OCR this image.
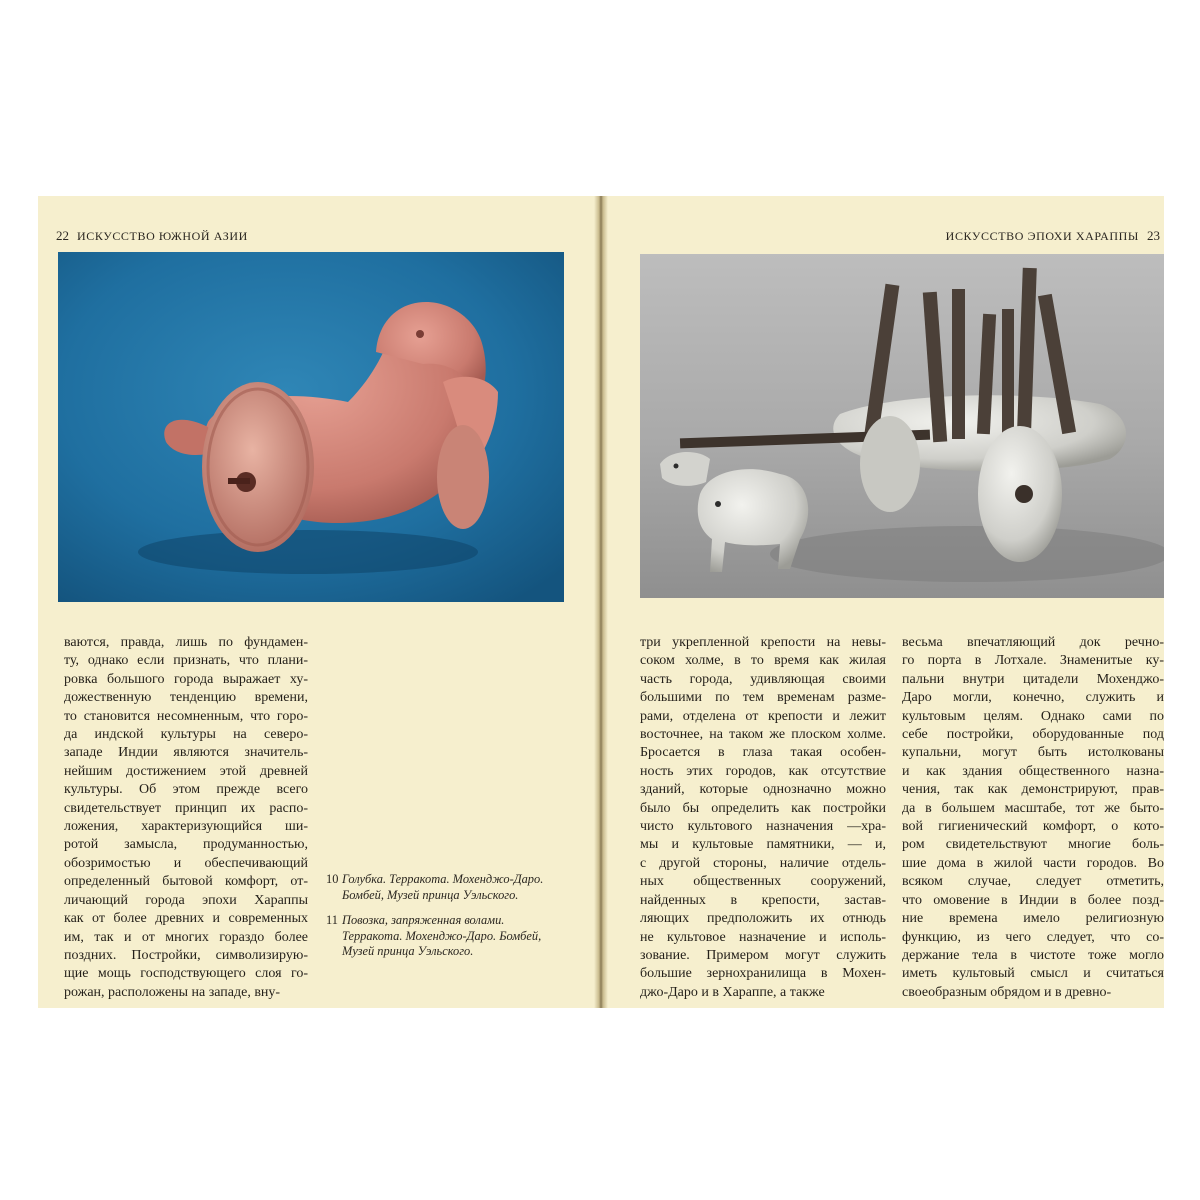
22 ИСКУССТВО ЮЖНОЙ АЗИИ
ваются, правда, лишь по фундамен-
ту, однако если признать, что плани-
ровка большого города выражает ху-
дожественную тенденцию времени,
то становится несомненным, что горо-
да индской культуры на северо-
западе Индии являются значитель-
нейшим достижением этой древней
культуры. Об этом прежде всего
свидетельствует принцип их распо-
ложения, характеризующийся ши-
ротой замысла, продуманностью,
обозримостью и обеспечивающий
определенный бытовой комфорт, от-
личающий города эпохи Хараппы
как от более древних и современных
им, так и от многих гораздо более
поздних. Постройки, символизирую-
щие мощь господствующего слоя го-
рожан, расположены на западе, вну-
10 Голубка. Терракота. Мохенджо-Даро. Бомбей, Музей принца Уэльского.
11 Повозка, запряженная волами. Терракота. Мохенджо-Даро. Бомбей, Музей принца Уэльского.
ИСКУССТВО ЭПОХИ ХАРАППЫ 23
три укрепленной крепости на невы-
соком холме, в то время как жилая
часть города, удивляющая своими
большими по тем временам разме-
рами, отделена от крепости и лежит
восточнее, на таком же плоском холме.
Бросается в глаза такая особен-
ность этих городов, как отсутствие
зданий, которые однозначно можно
было бы определить как постройки
чисто культового назначения —хра-
мы и культовые памятники, — и,
с другой стороны, наличие отдель-
ных общественных сооружений,
найденных в крепости, застав-
ляющих предположить их отнюдь
не культовое назначение и исполь-
зование. Примером могут служить
большие зернохранилища в Мохен-
джо-Даро и в Хараппе, а также
весьма впечатляющий док речно-
го порта в Лотхале. Знаменитые ку-
пальни внутри цитадели Мохенджо-
Даро могли, конечно, служить и
культовым целям. Однако сами по
себе постройки, оборудованные под
купальни, могут быть истолкованы
и как здания общественного назна-
чения, так как демонстрируют, прав-
да в большем масштабе, тот же быто-
вой гигиенический комфорт, о кото-
ром свидетельствуют многие боль-
шие дома в жилой части городов. Во
всяком случае, следует отметить,
что омовение в Индии в более позд-
ние времена имело религиозную
функцию, из чего следует, что со-
держание тела в чистоте тоже могло
иметь культовый смысл и считаться
своеобразным обрядом и в древно-
